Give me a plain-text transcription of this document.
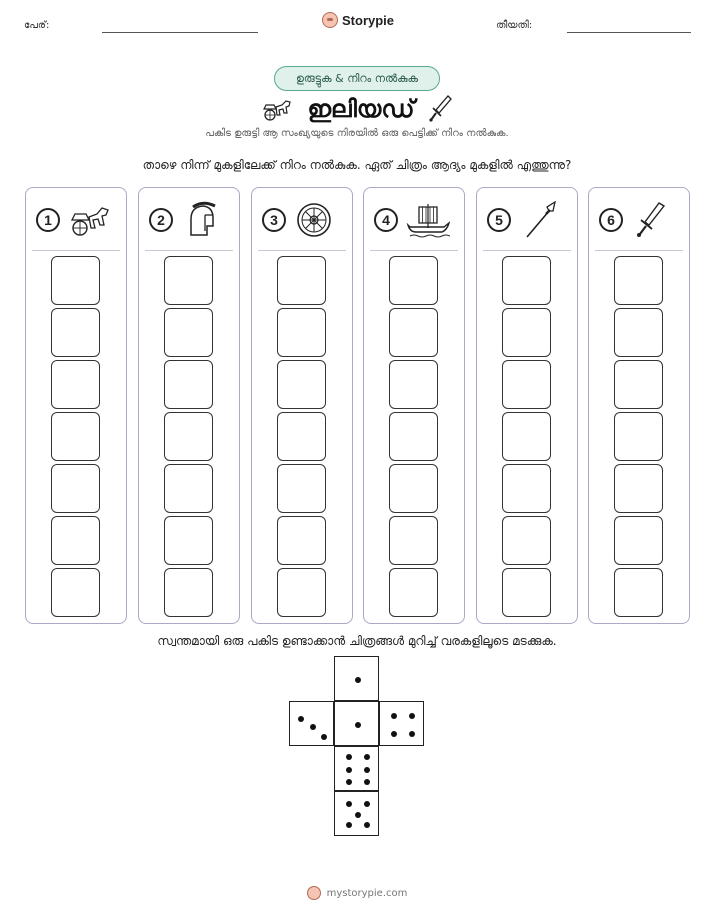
പേര്:	Storypie	തീയതി:
ഉരുട്ടുക & നിറം നൽകുക
ഇലിയഡ്
പകിട ഉരുട്ടി ആ സംഖ്യയുടെ നിരയിൽ ഒരു പെട്ടിക്ക് നിറം നൽകുക.
താഴെ നിന്ന് മുകളിലേക്ക് നിറം നൽകുക. ഏത് ചിത്രം ആദ്യം മുകളിൽ എത്തുന്നു?
1	2	3	4	5	6
സ്വന്തമായി ഒരു പകിട ഉണ്ടാക്കാൻ ചിത്രങ്ങൾ മുറിച്ച് വരകളിലൂടെ മടക്കുക.
mystorypie.com
